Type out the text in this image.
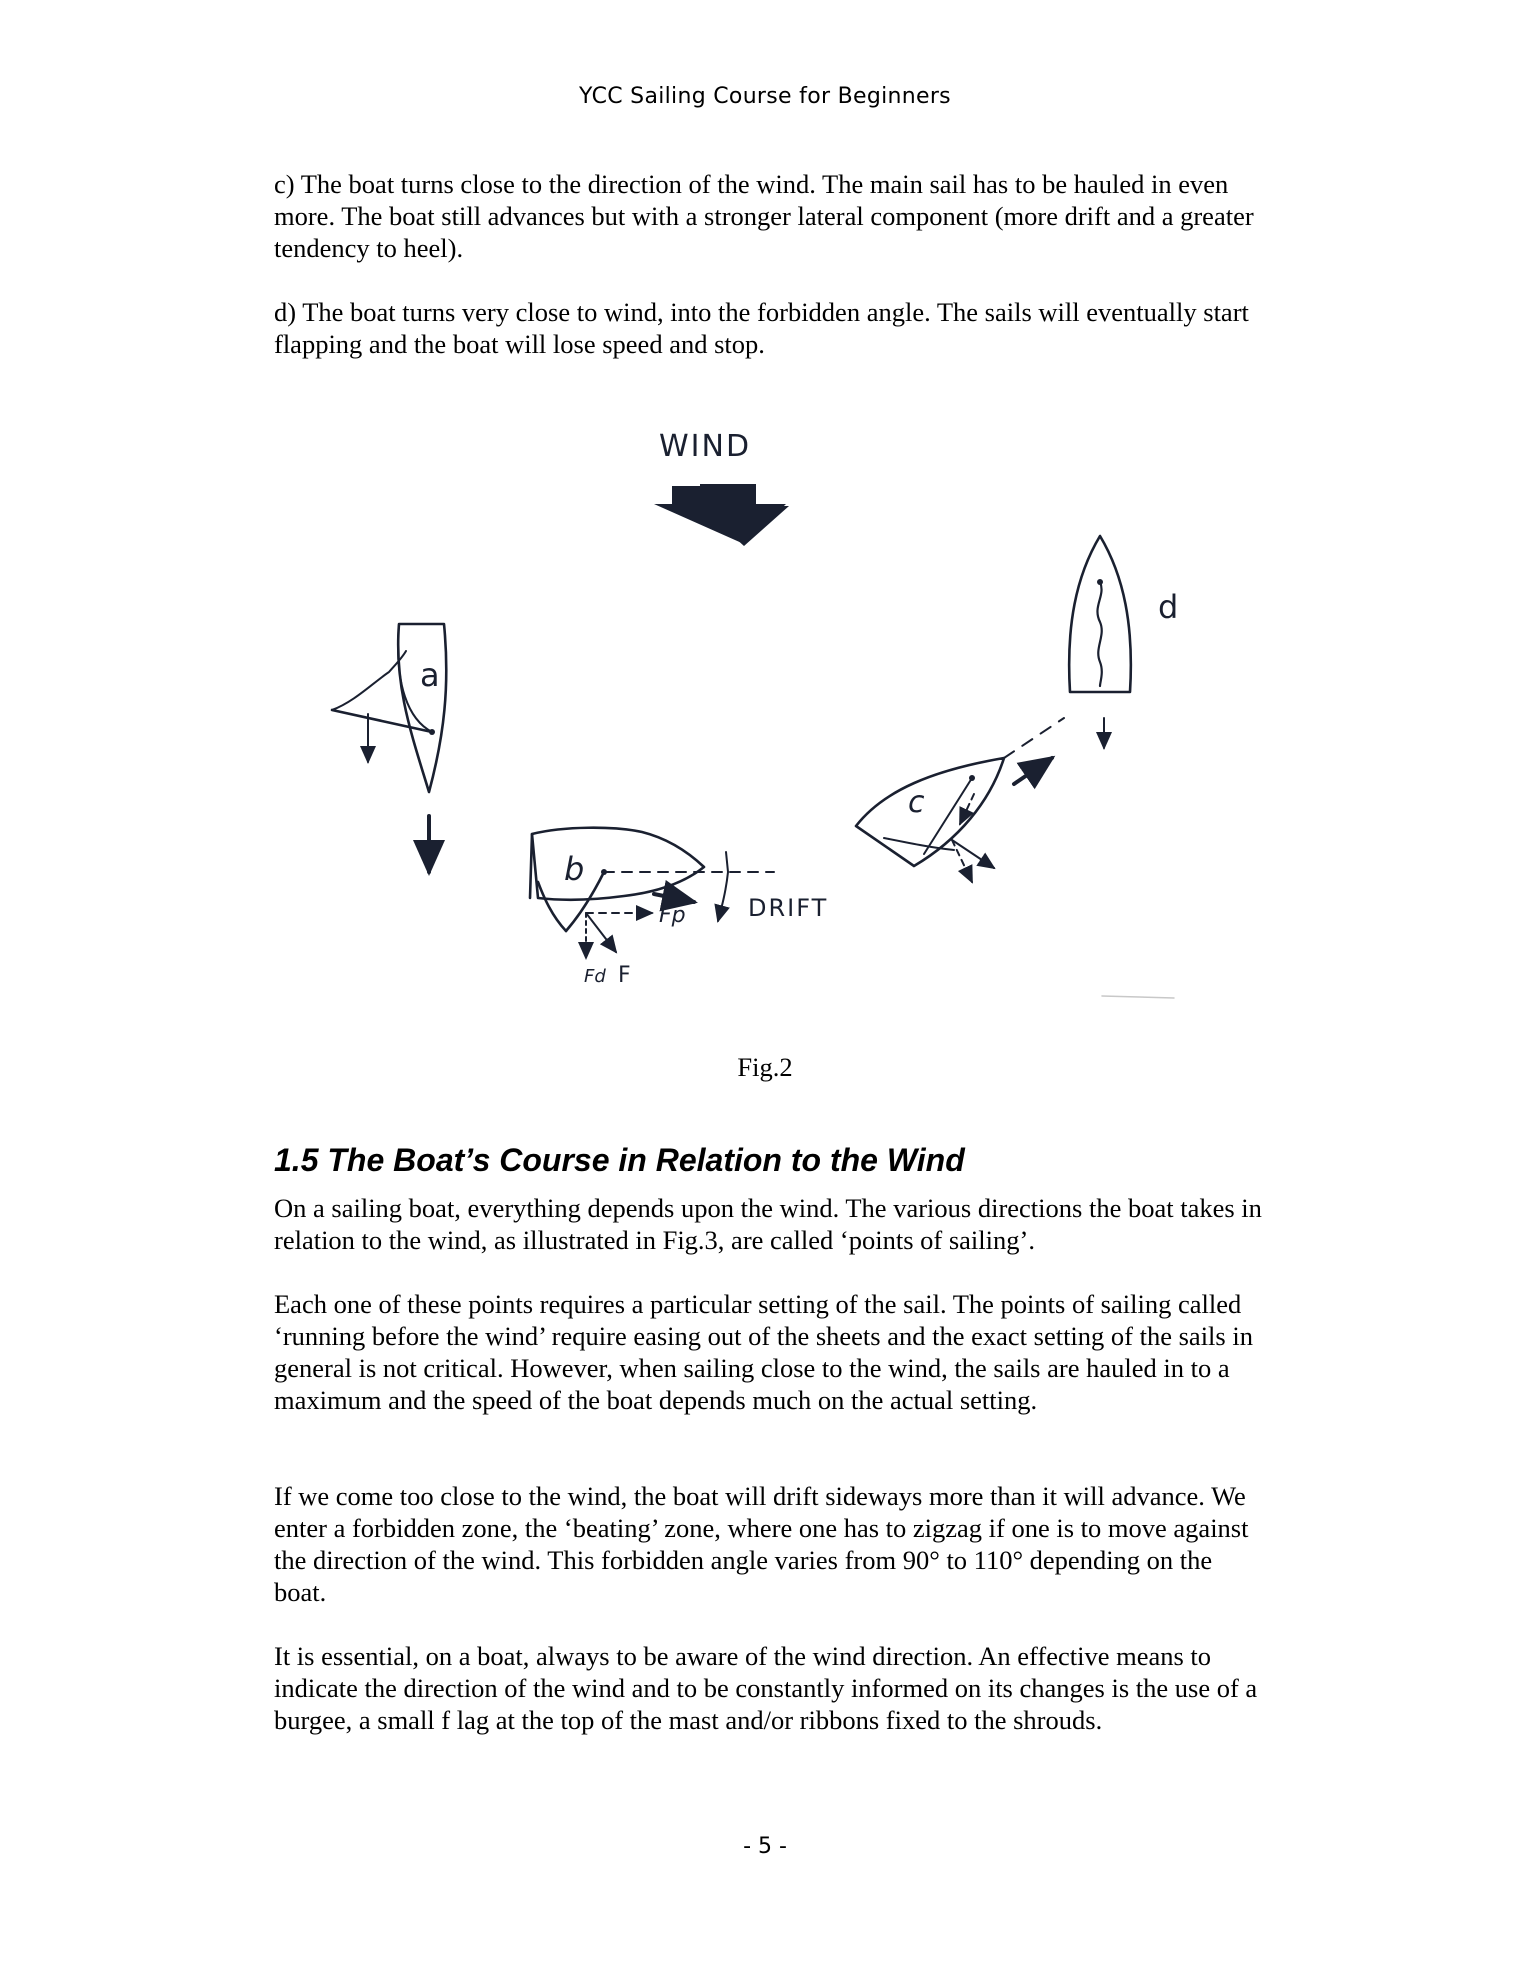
YCC Sailing Course for Beginners

c) The boat turns close to the direction of the wind. The main sail has to be hauled in even more. The boat still advances but with a stronger lateral component (more drift and a greater tendency to heel).

d) The boat turns very close to wind, into the forbidden angle. The sails will eventually start flapping and the boat will lose speed and stop.

WIND
a
b
Fp
Fd F
DRIFT
c
d
Fig.2
1.5 The Boat’s Course in Relation to the Wind

On a sailing boat, everything depends upon the wind. The various directions the boat takes in relation to the wind, as illustrated in Fig.3, are called ‘points of sailing’.

Each one of these points requires a particular setting of the sail. The points of sailing called ‘running before the wind’ require easing out of the sheets and the exact setting of the sails in general is not critical. However, when sailing close to the wind, the sails are hauled in to a maximum and the speed of the boat depends much on the actual setting.

If we come too close to the wind, the boat will drift sideways more than it will advance. We enter a forbidden zone, the ‘beating’ zone, where one has to zigzag if one is to move against the direction of the wind. This forbidden angle varies from 90° to 110° depending on the boat.

It is essential, on a boat, always to be aware of the wind direction. An effective means to indicate the direction of the wind and to be constantly informed on its changes is the use of a burgee, a small f lag at the top of the mast and/or ribbons fixed to the shrouds.

- 5 -
